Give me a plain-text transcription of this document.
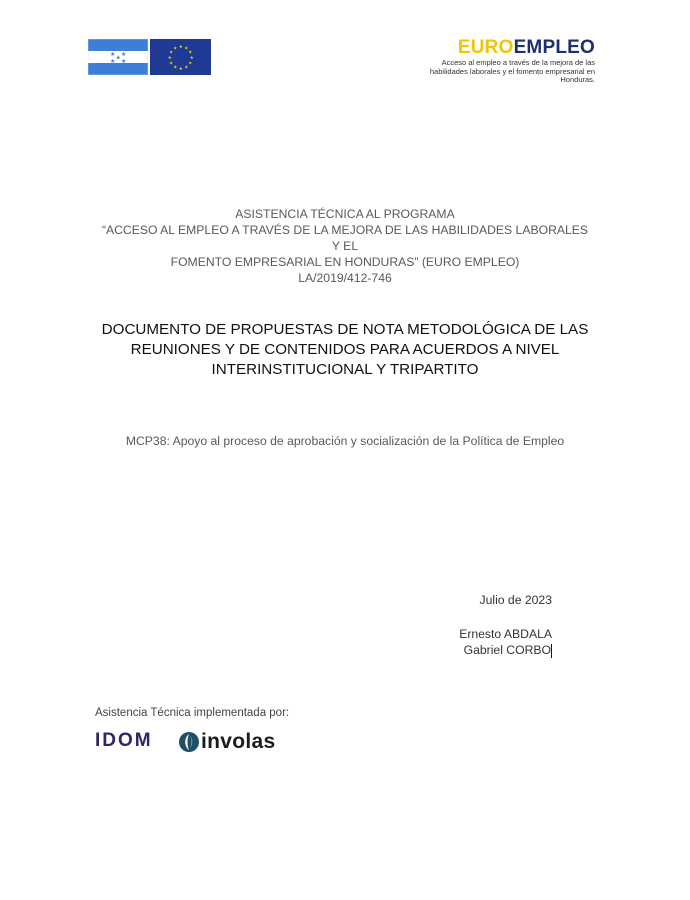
★ ★
★
★ ★
★ ★
★
★
★
★
★
★
★
★
★
★	EUROEMPLEO
Acceso al empleo a través de la mejora de las
habilidades laborales y el fomento empresarial en Honduras.
ASISTENCIA TÉCNICA AL PROGRAMA
“ACCESO AL EMPLEO A TRAVÉS DE LA MEJORA DE LAS HABILIDADES LABORALES Y EL
FOMENTO EMPRESARIAL EN HONDURAS” (EURO EMPLEO)
LA/2019/412-746
DOCUMENTO DE PROPUESTAS DE NOTA METODOLÓGICA DE LAS
REUNIONES Y DE CONTENIDOS PARA ACUERDOS A NIVEL
INTERINSTITUCIONAL Y TRIPARTITO
MCP38: Apoyo al proceso de aprobación y socialización de la Política de Empleo
Julio de 2023
Ernesto ABDALA
Gabriel CORBO
Asistencia Técnica implementada por:
IDOM involas
